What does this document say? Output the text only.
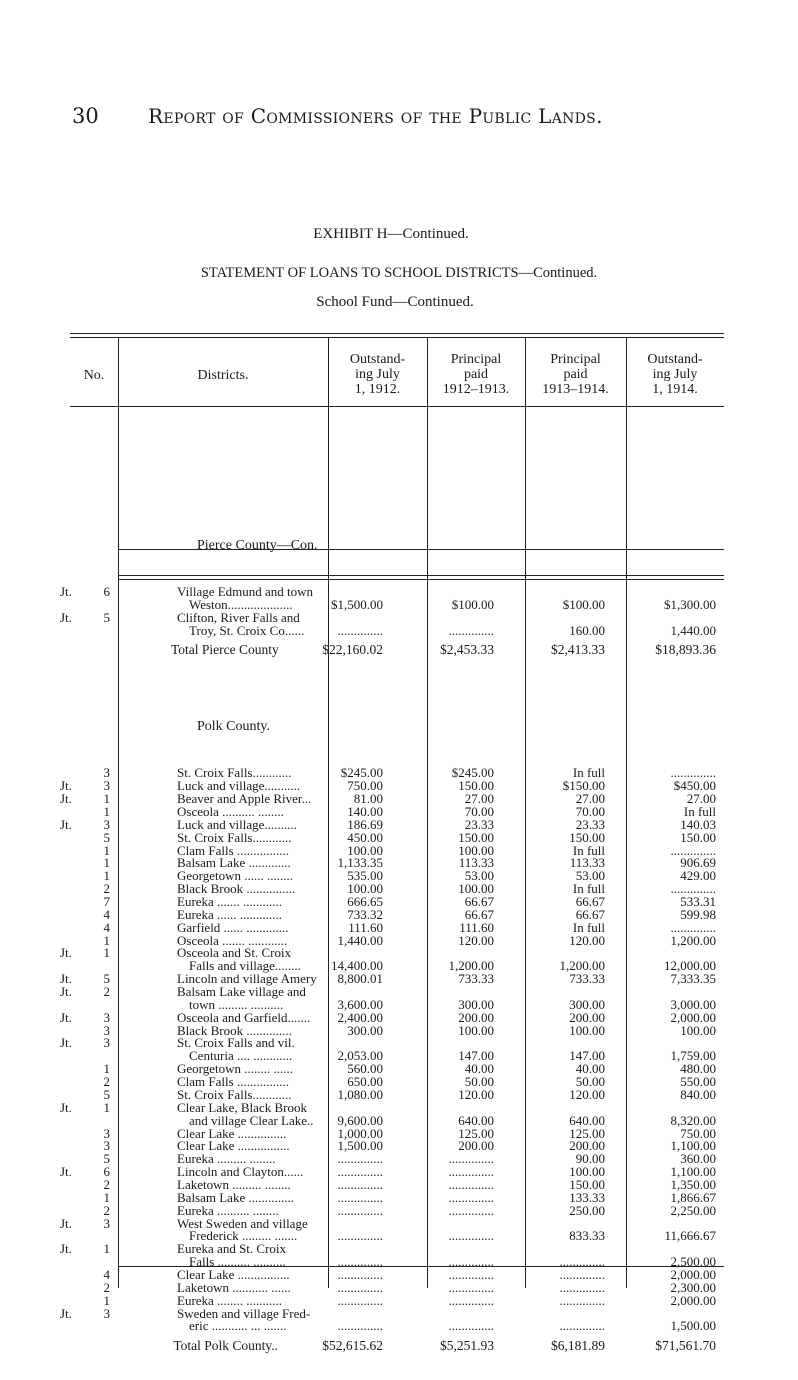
30 Report of Commissioners of the Public Lands.
EXHIBIT H—Continued.
STATEMENT OF LOANS TO SCHOOL DISTRICTS—Continued.
School Fund—Continued.
No.	Districts.
Outstand-
ing July
1, 1912.
Principal
paid
1912–1913.
Principal
paid
1913–1914.
Outstand-
ing July
1, 1914.

	Pierce County—Con.				

Jt. 6	Village Edmund and town				
	Weston....................	$1,500.00	$100.00	$100.00	$1,300.00
Jt. 5	Clifton, River Falls and				
	Troy, St. Croix Co......	..............	..............	160.00	1,440.00
	Total Pierce County	$22,160.02	$2,453.33	$2,413.33	$18,893.36

	Polk County.				

3	St. Croix Falls............	$245.00	$245.00	In full	..............
Jt. 3	Luck and village...........	750.00	150.00	$150.00	$450.00
Jt. 1	Beaver and Apple River...	81.00	27.00	27.00	27.00
1	Osceola .......... ........	140.00	70.00	70.00	In full
Jt. 3	Luck and village..........	186.69	23.33	23.33	140.03
5	St. Croix Falls............	450.00	150.00	150.00	150.00
1	Clam Falls ................	100.00	100.00	In full	..............
1	Balsam Lake .............	1,133.35	113.33	113.33	906.69
1	Georgetown ...... ........	535.00	53.00	53.00	429.00
2	Black Brook ...............	100.00	100.00	In full	..............
7	Eureka ....... ............	666.65	66.67	66.67	533.31
4	Eureka ...... .............	733.32	66.67	66.67	599.98
4	Garfield ...... .............	111.60	111.60	In full	..............
1	Osceola ....... ............	1,440.00	120.00	120.00	1,200.00
Jt. 1	Osceola and St. Croix				
	Falls and village........	14,400.00	1,200.00	1,200.00	12,000.00
Jt. 5	Lincoln and village Amery	8,800.01	733.33	733.33	7,333.35
Jt. 2	Balsam Lake village and				
	town ......... ..........	3,600.00	300.00	300.00	3,000.00
Jt. 3	Osceola and Garfield.......	2,400.00	200.00	200.00	2,000.00
3	Black Brook ..............	300.00	100.00	100.00	100.00
Jt. 3	St. Croix Falls and vil.				
	Centuria .... ............	2,053.00	147.00	147.00	1,759.00
1	Georgetown ........ ......	560.00	40.00	40.00	480.00
2	Clam Falls ................	650.00	50.00	50.00	550.00
5	St. Croix Falls............	1,080.00	120.00	120.00	840.00
Jt. 1	Clear Lake, Black Brook				
	and village Clear Lake..	9,600.00	640.00	640.00	8,320.00
3	Clear Lake ...............	1,000.00	125.00	125.00	750.00
3	Clear Lake ................	1,500.00	200.00	200.00	1,100.00
5	Eureka ......... ........	..............	..............	90.00	360.00
Jt. 6	Lincoln and Clayton......	..............	..............	100.00	1,100.00
2	Laketown ......... ........	..............	..............	150.00	1,350.00
1	Balsam Lake ..............	..............	..............	133.33	1,866.67
2	Eureka .......... ........	..............	..............	250.00	2,250.00
Jt. 3	West Sweden and village				
	Frederick ......... .......	..............	..............	833.33	11,666.67
Jt. 1	Eureka and St. Croix				
	Falls .......... ..........	..............	..............	..............	2,500.00
4	Clear Lake ................	..............	..............	..............	2,000.00
2	Laketown ........... ......	..............	..............	..............	2,300.00
1	Eureka ........ ...........	..............	..............	..............	2,000.00
Jt. 3	Sweden and village Fred-				
	eric ........... ... .......	..............	..............	..............	1,500.00
	Total Polk County..	$52,615.62	$5,251.93	$6,181.89	$71,561.70
